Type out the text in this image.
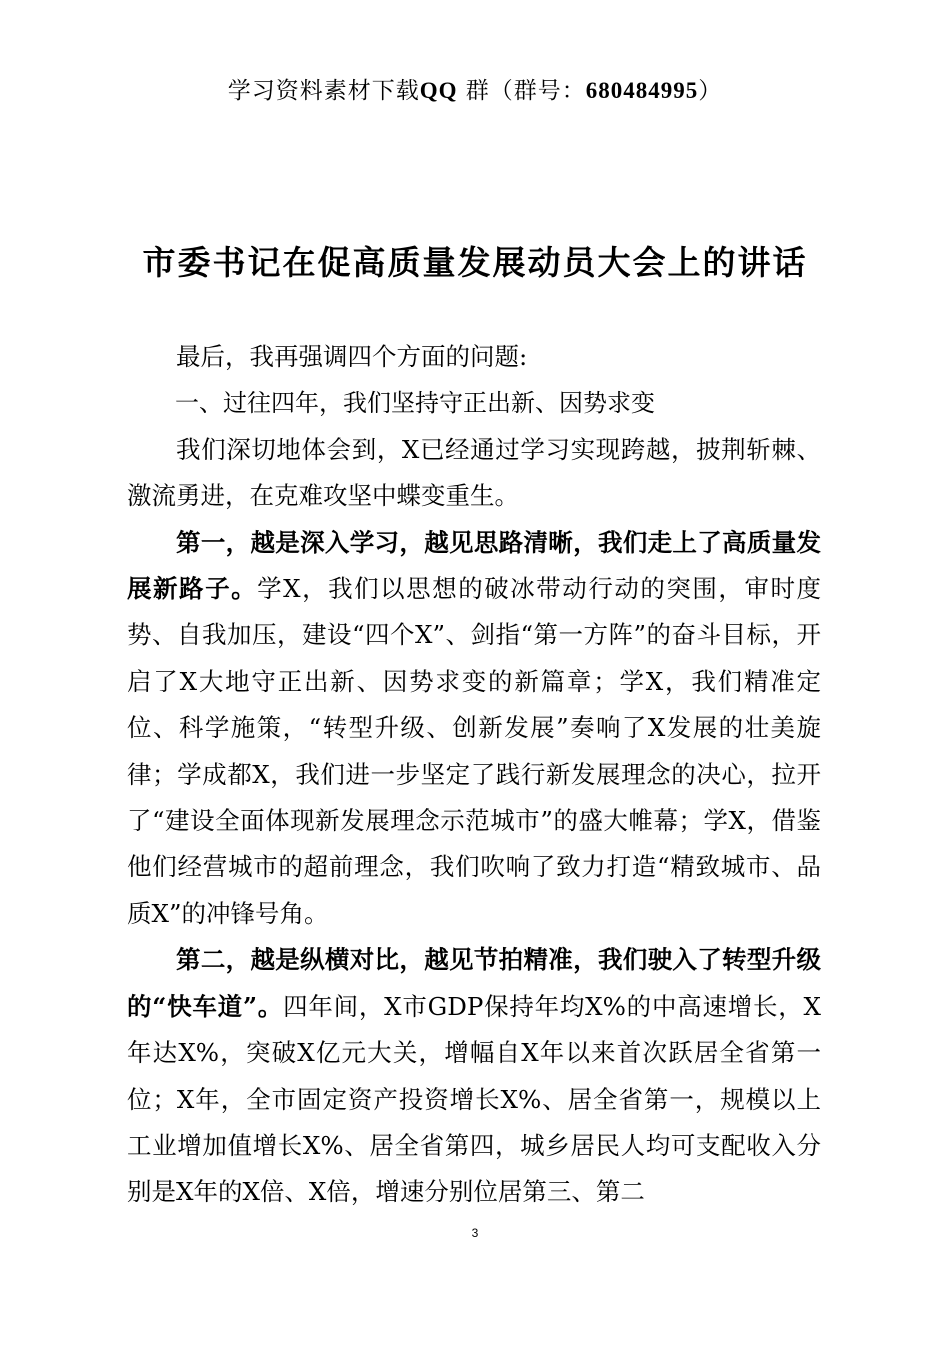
学习资料素材下载QQ 群（群号：680484995）
市委书记在促高质量发展动员大会上的讲话

最后，我再强调四个方面的问题:

一、过往四年，我们坚持守正出新、因势求变

我们深切地体会到，X已经通过学习实现跨越，披荆斩棘、激流勇进，在克难攻坚中蝶变重生。

第一，越是深入学习，越见思路清晰，我们走上了高质量发展新路子。学X，我们以思想的破冰带动行动的突围，审时度势、自我加压，建设“四个X”、剑指“第一方阵”的奋斗目标，开启了X大地守正出新、因势求变的新篇章；学X，我们精准定位、科学施策，“转型升级、创新发展”奏响了X发展的壮美旋律；学成都X，我们进一步坚定了践行新发展理念的决心，拉开了“建设全面体现新发展理念示范城市”的盛大帷幕；学X，借鉴他们经营城市的超前理念，我们吹响了致力打造“精致城市、品质X”的冲锋号角。

第二，越是纵横对比，越见节拍精准，我们驶入了转型升级的“快车道”。四年间，X市GDP保持年均X%的中高速增长，X年达X%，突破X亿元大关，增幅自X年以来首次跃居全省第一位；X年，全市固定资产投资增长X%、居全省第一，规模以上工业增加值增长X%、居全省第四，城乡居民人均可支配收入分别是X年的X倍、X倍，增速分别位居第三、第二

3
